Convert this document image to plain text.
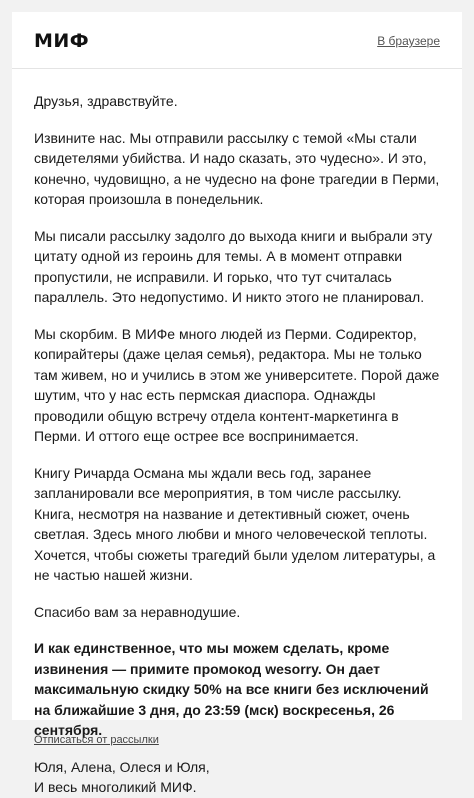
МИФ	В браузере

Друзья, здравствуйте.

Извините нас. Мы отправили рассылку с темой «Мы стали свидетелями убийства. И надо сказать, это чудесно». И это, конечно, чудовищно, а не чудесно на фоне трагедии в Перми, которая произошла в понедельник.

Мы писали рассылку задолго до выхода книги и выбрали эту цитату одной из героинь для темы. А в момент отправки пропустили, не исправили. И горько, что тут считалась параллель. Это недопустимо. И никто этого не планировал.

Мы скорбим. В МИФе много людей из Перми. Содиректор, копирайтеры (даже целая семья), редактора. Мы не только там живем, но и учились в этом же университете. Порой даже шутим, что у нас есть пермская диаспора. Однажды проводили общую встречу отдела контент-маркетинга в Перми. И оттого еще острее все воспринимается.

Книгу Ричарда Османа мы ждали весь год, заранее запланировали все мероприятия, в том числе рассылку. Книга, несмотря на название и детективный сюжет, очень светлая. Здесь много любви и много человеческой теплоты. Хочется, чтобы сюжеты трагедий были уделом литературы, а не частью нашей жизни.

Спасибо вам за неравнодушие.

И как единственное, что мы можем сделать, кроме извинения — примите промокод wesorry. Он дает максимальную скидку 50% на все книги без исключений на ближайшие 3 дня, до 23:59 (мск) воскресенья, 26 сентября.

Юля, Алена, Олеся и Юля,
И весь многоликий МИФ.

Отписаться от рассылки
